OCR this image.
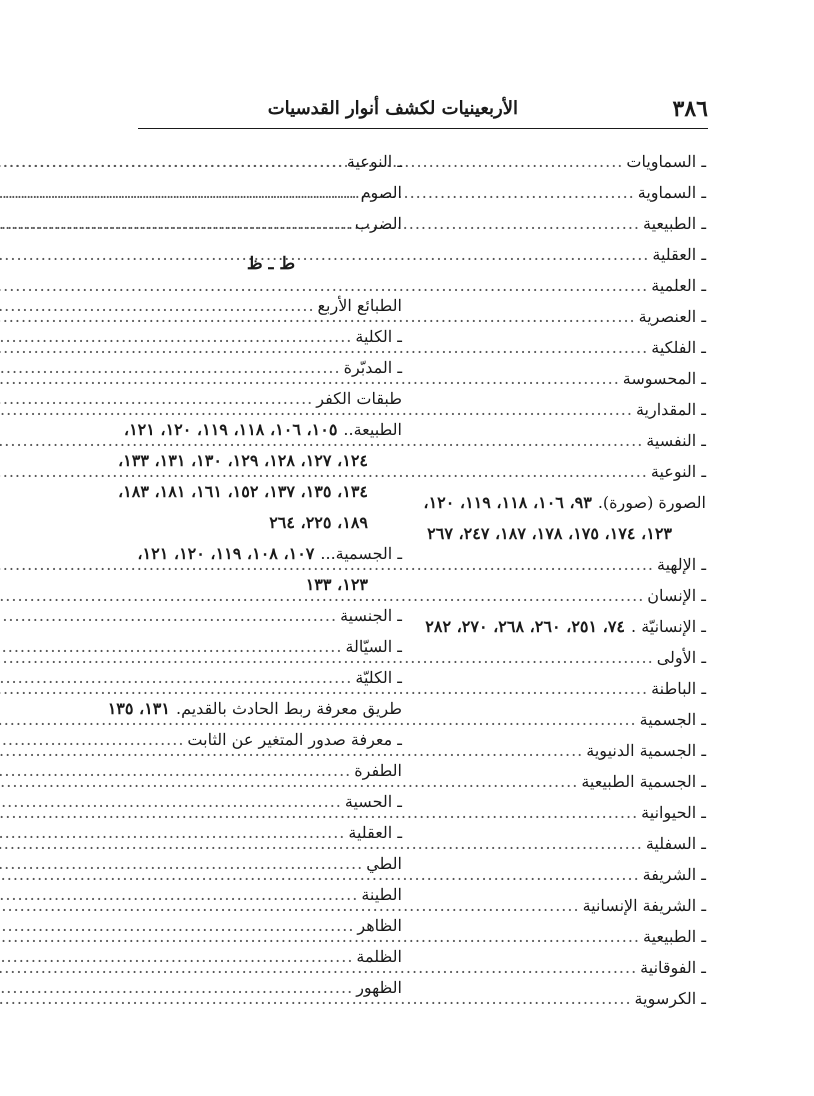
٣٨٦
الأربعينيات لكشف أنوار القدسيات
ـ السماويات
.....
ـ السماوية
.....
ـ الطبيعية
.....
ـ العقلية
.....
ـ العلمية
.....
ـ العنصرية
.....
ـ الفلكية
.....
ـ المحسوسة
.....
ـ المقدارية
.....
ـ النفسية
.....
ـ النوعية
.....
الصورة (صورة).
٩٣، ١٠٦، ١١٨، ١١٩، ١٢٠،
١٢٣، ١٧٤، ١٧٥، ١٧٨، ١٨٧، ٢٤٧، ٢٦٧
ـ الإلهية
.....
ـ الإنسان
.....
ـ الإنسانيّة .
٧٤، ٢٥١، ٢٦٠، ٢٦٨، ٢٧٠، ٢٨٢
ـ الأولى
.....
ـ الباطنة
.....
ـ الجسمية
.....
ـ الجسمية الدنيوية
.....
ـ الجسمية الطبيعية
.....
ـ الحيوانية
.....
ـ السفلية
.....
ـ الشريفة
.....
ـ الشريفة الإنسانية
.....
ـ الطبيعية
.....
ـ الفوقانية
.....
ـ الكرسوية
.....
ـ النوعية
.....
الصوم
.....
الضرب
.....
ط ـ ظ
الطبائع الأربع
.....
ـ الكلية
.....
ـ المدبّرة
.....
طبقات الكفر
.....
الطبيعة..
١٠٥، ١٠٦، ١١٨، ١١٩، ١٢٠، ١٢١،
١٢٤، ١٢٧، ١٢٨، ١٢٩، ١٣٠، ١٣١، ١٣٣،
١٣٤، ١٣٥، ١٣٧، ١٥٢، ١٦١، ١٨١، ١٨٣،
١٨٩، ٢٢٥، ٢٦٤
ـ الجسمية...
١٠٧، ١٠٨، ١١٩، ١٢٠، ١٢١،
١٢٣، ١٣٣
ـ الجنسية
.....
ـ السيّالة
.....
ـ الكليّة
.....
طريق معرفة ربط الحادث بالقديم.
١٣١، ١٣٥
ـ معرفة صدور المتغير عن الثابت
.....
الطفرة
.....
ـ الحسية
.....
ـ العقلية
.....
الطي
.....
الطينة
.....
الظاهر
.....
الظلمة
.....
الظهور
.....
